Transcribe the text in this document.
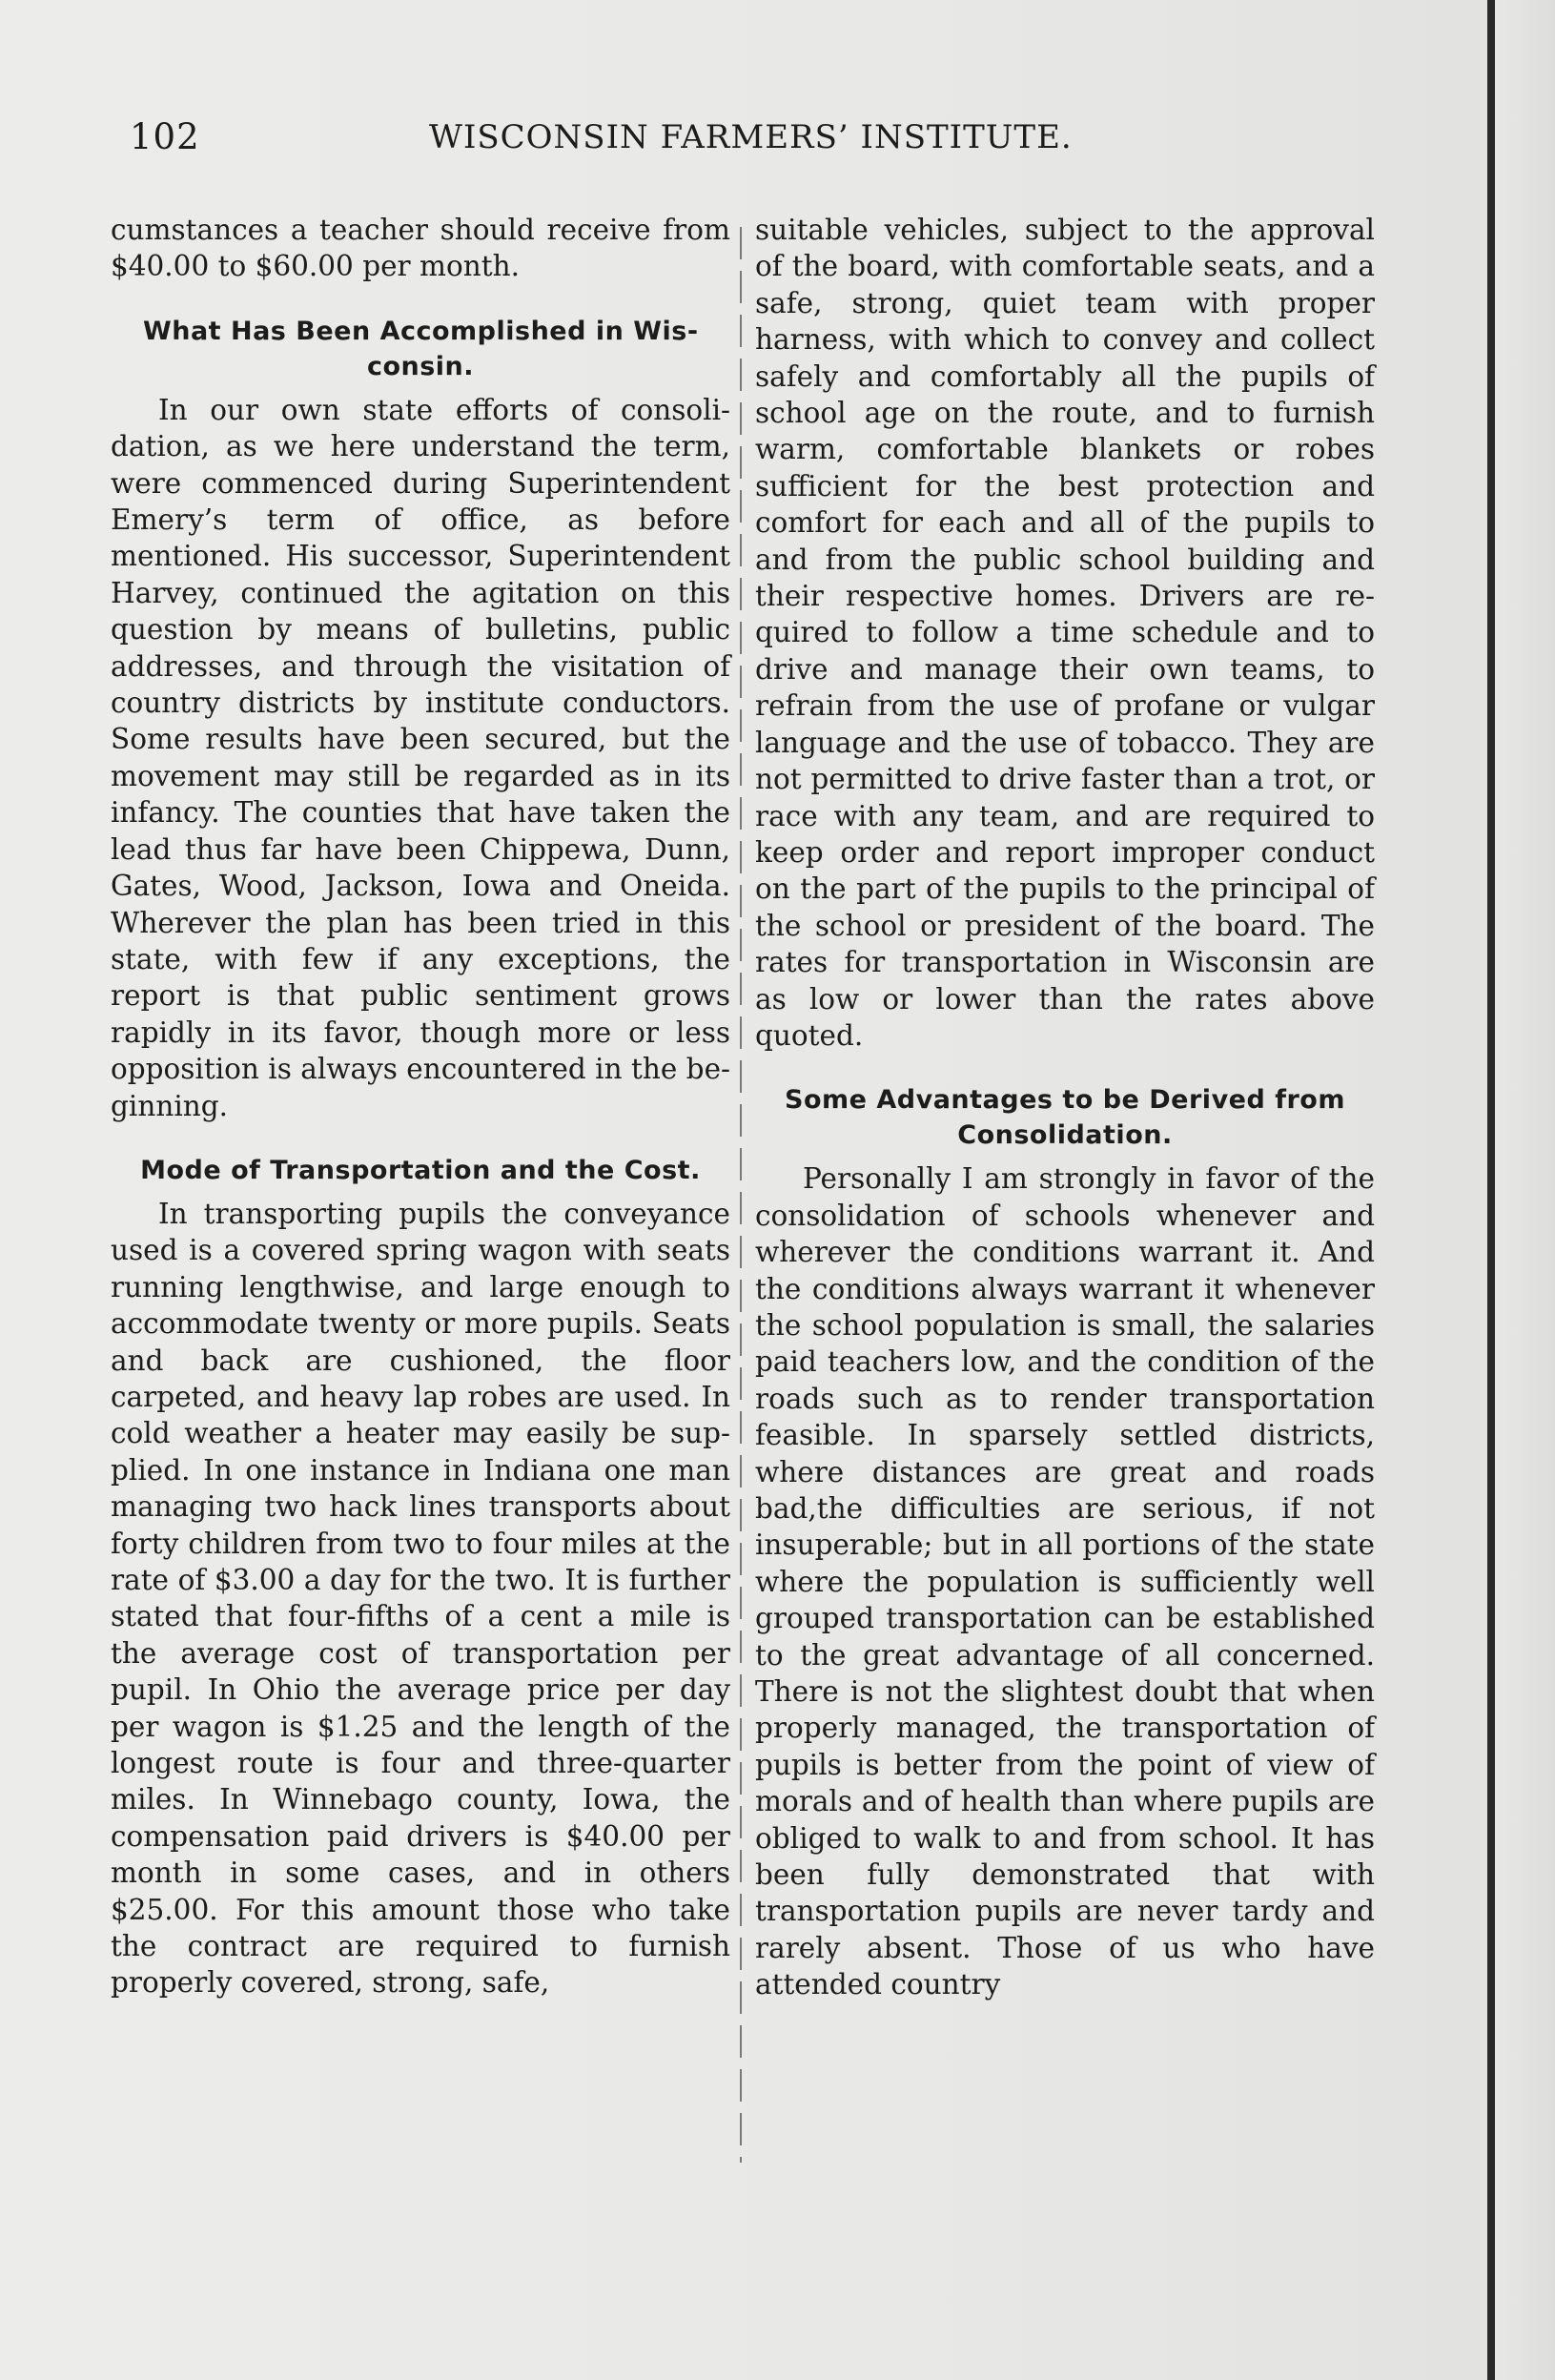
102	WISCONSIN FARMERS’ INSTITUTE.

cumstances a teacher should receive from $40.00 to $60.00 per month.

What Has Been Accomplished in Wisconsin.

In our own state efforts of consolidation, as we here understand the term, were commenced during Superintendent Emery’s term of office, as before mentioned. His successor, Superintendent Harvey, continued the agitation on this question by means of bulletins, public addresses, and through the visitation of country districts by institute conductors. Some results have been secured, but the movement may still be regarded as in its infancy. The counties that have taken the lead thus far have been Chippewa, Dunn, Gates, Wood, Jackson, Iowa and Oneida. Wherever the plan has been tried in this state, with few if any exceptions, the report is that public sentiment grows rapidly in its favor, though more or less opposition is always encountered in the beginning.

Mode of Transportation and the Cost.

In transporting pupils the conveyance used is a covered spring wagon with seats running lengthwise, and large enough to accommodate twenty or more pupils. Seats and back are cushioned, the floor carpeted, and heavy lap robes are used. In cold weather a heater may easily be supplied. In one instance in Indiana one man managing two hack lines transports about forty children from two to four miles at the rate of $3.00 a day for the two. It is further stated that four-fifths of a cent a mile is the average cost of transportation per pupil. In Ohio the average price per day per wagon is $1.25 and the length of the longest route is four and three-quarter miles. In Winnebago county, Iowa, the compensation paid drivers is $40.00 per month in some cases, and in others $25.00. For this amount those who take the contract are required to furnish properly covered, strong, safe,

suitable vehicles, subject to the approval of the board, with comfortable seats, and a safe, strong, quiet team with proper harness, with which to convey and collect safely and comfortably all the pupils of school age on the route, and to furnish warm, comfortable blankets or robes sufficient for the best protection and comfort for each and all of the pupils to and from the public school building and their respective homes. Drivers are required to follow a time schedule and to drive and manage their own teams, to refrain from the use of profane or vulgar language and the use of tobacco. They are not permitted to drive faster than a trot, or race with any team, and are required to keep order and report improper conduct on the part of the pupils to the principal of the school or president of the board. The rates for transportation in Wisconsin are as low or lower than the rates above quoted.

Some Advantages to be Derived from Consolidation.

Personally I am strongly in favor of the consolidation of schools whenever and wherever the conditions warrant it. And the conditions always warrant it whenever the school population is small, the salaries paid teachers low, and the condition of the roads such as to render transportation feasible. In sparsely settled districts, where distances are great and roads bad,the difficulties are serious, if not insuperable; but in all portions of the state where the population is sufficiently well grouped transportation can be established to the great advantage of all concerned. There is not the slightest doubt that when properly managed, the transportation of pupils is better from the point of view of morals and of health than where pupils are obliged to walk to and from school. It has been fully demonstrated that with transportation pupils are never tardy and rarely absent. Those of us who have attended country
